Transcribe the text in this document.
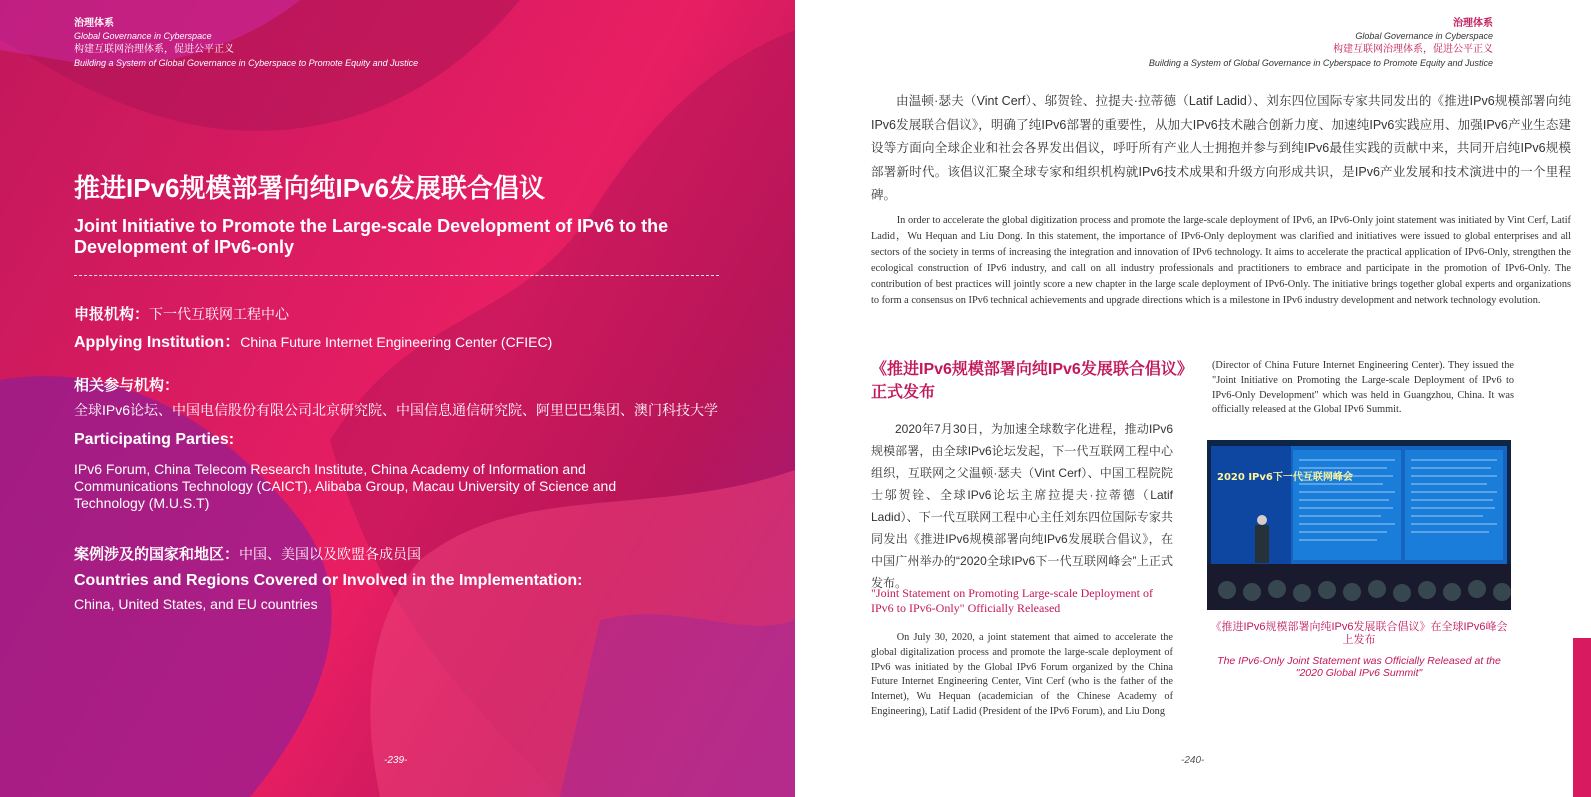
治理体系
Global Governance in Cyberspace
构建互联网治理体系，促进公平正义
Building a System of Global Governance in Cyberspace to Promote Equity and Justice
推进IPv6规模部署向纯IPv6发展联合倡议
Joint Initiative to Promote the Large-scale Development of IPv6 to the Development of IPv6-only
申报机构：下一代互联网工程中心
Applying Institution：China Future Internet Engineering Center (CFIEC)
相关参与机构：
全球IPv6论坛、中国电信股份有限公司北京研究院、中国信息通信研究院、阿里巴巴集团、澳门科技大学
Participating Parties:
IPv6 Forum, China Telecom Research Institute, China Academy of Information and Communications Technology (CAICT), Alibaba Group, Macau University of Science and Technology (M.U.S.T)
案例涉及的国家和地区：中国、美国以及欧盟各成员国
Countries and Regions Covered or Involved in the Implementation:
China, United States, and EU countries
-239-
治理体系
Global Governance in Cyberspace
构建互联网治理体系，促进公平正义
Building a System of Global Governance in Cyberspace to Promote Equity and Justice
由温顿·瑟夫（Vint Cerf）、邬贺铨、拉提夫·拉蒂德（Latif Ladid）、刘东四位国际专家共同发出的《推进IPv6规模部署向纯IPv6发展联合倡议》，明确了纯IPv6部署的重要性，从加大IPv6技术融合创新力度、加速纯IPv6实践应用、加强IPv6产业生态建设等方面向全球企业和社会各界发出倡议，呼吁所有产业人士拥抱并参与到纯IPv6最佳实践的贡献中来，共同开启纯IPv6规模部署新时代。该倡议汇聚全球专家和组织机构就IPv6技术成果和升级方向形成共识，是IPv6产业发展和技术演进中的一个里程碑。
In order to accelerate the global digitization process and promote the large-scale deployment of IPv6, an IPv6-Only joint statement was initiated by Vint Cerf, Latif Ladid，Wu Hequan and Liu Dong. In this statement, the importance of IPv6-Only deployment was clarified and initiatives were issued to global enterprises and all sectors of the society in terms of increasing the integration and innovation of IPv6 technology. It aims to accelerate the practical application of IPv6-Only, strengthen the ecological construction of IPv6 industry, and call on all industry professionals and practitioners to embrace and participate in the promotion of IPv6-Only. The contribution of best practices will jointly score a new chapter in the large scale deployment of IPv6-Only. The initiative brings together global experts and organizations to form a consensus on IPv6 technical achievements and upgrade directions which is a milestone in IPv6 industry development and network technology evolution.
《推进IPv6规模部署向纯IPv6发展联合倡议》正式发布
2020年7月30日，为加速全球数字化进程，推动IPv6规模部署，由全球IPv6论坛发起，下一代互联网工程中心组织，互联网之父温顿·瑟夫（Vint Cerf）、中国工程院院士邬贺铨、全球IPv6论坛主席拉提夫·拉蒂德（Latif Ladid）、下一代互联网工程中心主任刘东四位国际专家共同发出《推进IPv6规模部署向纯IPv6发展联合倡议》，在中国广州举办的“2020全球IPv6下一代互联网峰会”上正式发布。
"Joint Statement on Promoting Large-scale Deployment of IPv6 to IPv6-Only" Officially Released
On July 30, 2020, a joint statement that aimed to accelerate the global digitalization process and promote the large-scale deployment of IPv6 was initiated by the Global IPv6 Forum organized by the China Future Internet Engineering Center, Vint Cerf (who is the father of the Internet), Wu Hequan (academician of the Chinese Academy of Engineering), Latif Ladid (President of the IPv6 Forum), and Liu Dong
(Director of China Future Internet Engineering Center). They issued the "Joint Initiative on Promoting the Large-scale Deployment of IPv6 to IPv6-Only Development" which was held in Guangzhou, China. It was officially released at the Global IPv6 Summit.
2020 IPv6下一代互联网峰会
《推进IPv6规模部署向纯IPv6发展联合倡议》在全球IPv6峰会上发布
The IPv6-Only Joint Statement was Officially Released at the "2020 Global IPv6 Summit"
-240-
